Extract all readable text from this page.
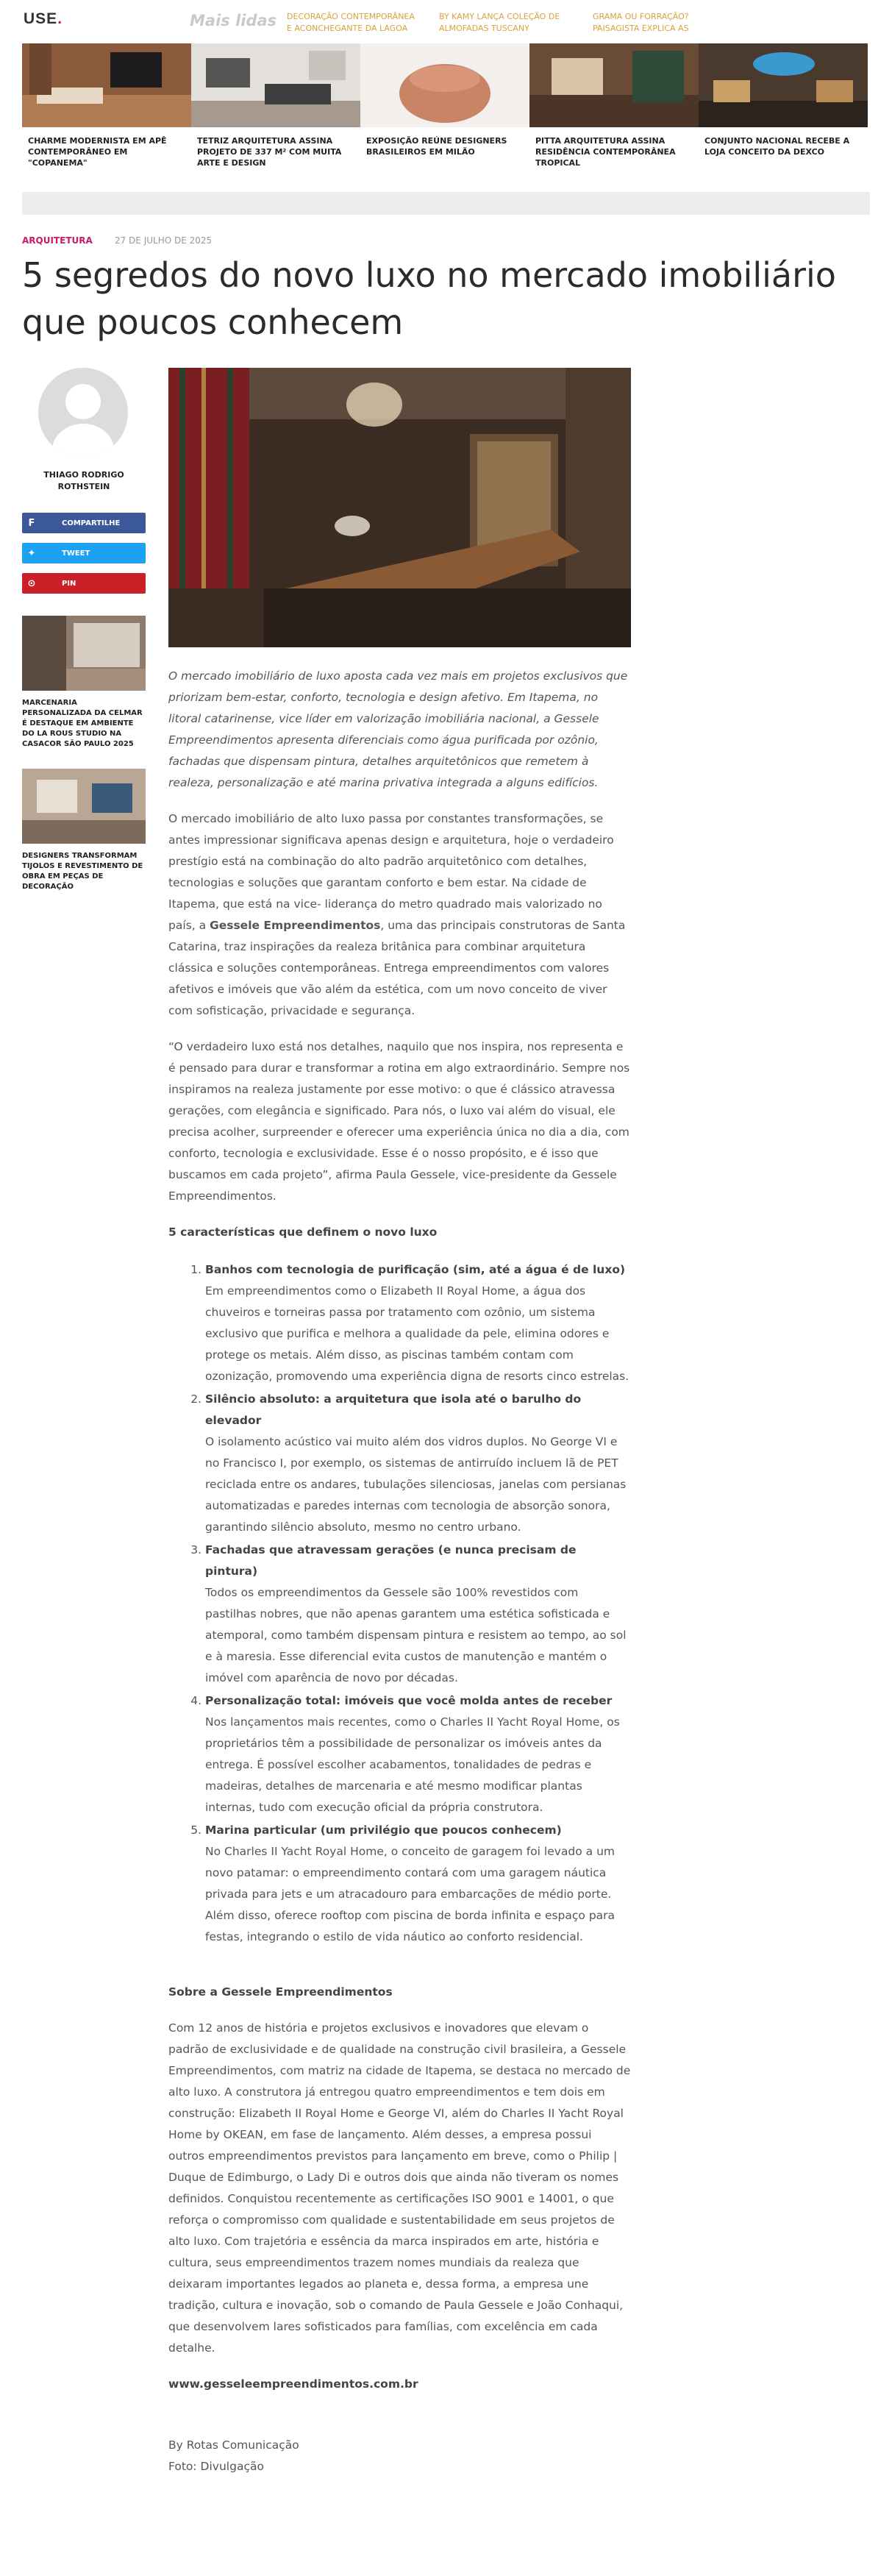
USE.	Mais lidas DECORAÇÃO CONTEMPORÂNEA
E ACONCHEGANTE DA LAGOA
BY KAMY LANÇA COLEÇÃO DE
ALMOFADAS TUSCANY
GRAMA OU FORRAÇÃO?
PAISAGISTA EXPLICA AS

CHARME MODERNISTA EM APÊ CONTEMPORÂNEO EM "COPANEMA"

TETRIZ ARQUITETURA ASSINA PROJETO DE 337 M² COM MUITA ARTE E DESIGN

EXPOSIÇÃO REÚNE DESIGNERS BRASILEIROS EM MILÃO

PITTA ARQUITETURA ASSINA RESIDÊNCIA CONTEMPORÂNEA TROPICAL

CONJUNTO NACIONAL RECEBE A LOJA CONCEITO DA DEXCO

ARQUITETURA	27 DE JULHO DE 2025
5 segredos do novo luxo no mercado imobiliário que poucos conhecem
THIAGO RODRIGO ROTHSTEIN
F	COMPARTILHE
✦	TWEET
⊙	PIN

MARCENARIA PERSONALIZADA DA CELMAR É DESTAQUE EM AMBIENTE DO LA ROUS STUDIO NA CASACOR SÃO PAULO 2025

DESIGNERS TRANSFORMAM TIJOLOS E REVESTIMENTO DE OBRA EM PEÇAS DE DECORAÇÃO

O mercado imobiliário de luxo aposta cada vez mais em projetos exclusivos que priorizam bem-estar, conforto, tecnologia e design afetivo. Em Itapema, no litoral catarinense, vice líder em valorização imobiliária nacional, a Gessele Empreendimentos apresenta diferenciais como água purificada por ozônio, fachadas que dispensam pintura, detalhes arquitetônicos que remetem à realeza, personalização e até marina privativa integrada a alguns edifícios.

O mercado imobiliário de alto luxo passa por constantes transformações, se antes impressionar significava apenas design e arquitetura, hoje o verdadeiro prestígio está na combinação do alto padrão arquitetônico com detalhes, tecnologias e soluções que garantam conforto e bem estar. Na cidade de Itapema, que está na vice- liderança do metro quadrado mais valorizado no país, a Gessele Empreendimentos, uma das principais construtoras de Santa Catarina, traz inspirações da realeza britânica para combinar arquitetura clássica e soluções contemporâneas. Entrega empreendimentos com valores afetivos e imóveis que vão além da estética, com um novo conceito de viver com sofisticação, privacidade e segurança.

“O verdadeiro luxo está nos detalhes, naquilo que nos inspira, nos representa e é pensado para durar e transformar a rotina em algo extraordinário. Sempre nos inspiramos na realeza justamente por esse motivo: o que é clássico atravessa gerações, com elegância e significado. Para nós, o luxo vai além do visual, ele precisa acolher, surpreender e oferecer uma experiência única no dia a dia, com conforto, tecnologia e exclusividade. Esse é o nosso propósito, e é isso que buscamos em cada projeto”, afirma Paula Gessele, vice-presidente da Gessele Empreendimentos.

5 características que definem o novo luxo
1. Banhos com tecnologia de purificação (sim, até a água é de luxo)
Em empreendimentos como o Elizabeth II Royal Home, a água dos chuveiros e torneiras passa por tratamento com ozônio, um sistema exclusivo que purifica e melhora a qualidade da pele, elimina odores e protege os metais. Além disso, as piscinas também contam com ozonização, promovendo uma experiência digna de resorts cinco estrelas.
2. Silêncio absoluto: a arquitetura que isola até o barulho do elevador
O isolamento acústico vai muito além dos vidros duplos. No George VI e no Francisco I, por exemplo, os sistemas de antirruído incluem lã de PET reciclada entre os andares, tubulações silenciosas, janelas com persianas automatizadas e paredes internas com tecnologia de absorção sonora, garantindo silêncio absoluto, mesmo no centro urbano.
3. Fachadas que atravessam gerações (e nunca precisam de pintura)
Todos os empreendimentos da Gessele são 100% revestidos com pastilhas nobres, que não apenas garantem uma estética sofisticada e atemporal, como também dispensam pintura e resistem ao tempo, ao sol e à maresia. Esse diferencial evita custos de manutenção e mantém o imóvel com aparência de novo por décadas.
4. Personalização total: imóveis que você molda antes de receber
Nos lançamentos mais recentes, como o Charles II Yacht Royal Home, os proprietários têm a possibilidade de personalizar os imóveis antes da entrega. É possível escolher acabamentos, tonalidades de pedras e madeiras, detalhes de marcenaria e até mesmo modificar plantas internas, tudo com execução oficial da própria construtora.
5. Marina particular (um privilégio que poucos conhecem)
No Charles II Yacht Royal Home, o conceito de garagem foi levado a um novo patamar: o empreendimento contará com uma garagem náutica privada para jets e um atracadouro para embarcações de médio porte. Além disso, oferece rooftop com piscina de borda infinita e espaço para festas, integrando o estilo de vida náutico ao conforto residencial.

Sobre a Gessele Empreendimentos

Com 12 anos de história e projetos exclusivos e inovadores que elevam o padrão de exclusividade e de qualidade na construção civil brasileira, a Gessele Empreendimentos, com matriz na cidade de Itapema, se destaca no mercado de alto luxo. A construtora já entregou quatro empreendimentos e tem dois em construção: Elizabeth II Royal Home e George VI, além do Charles II Yacht Royal Home by OKEAN, em fase de lançamento. Além desses, a empresa possui outros empreendimentos previstos para lançamento em breve, como o Philip | Duque de Edimburgo, o Lady Di e outros dois que ainda não tiveram os nomes definidos. Conquistou recentemente as certificações ISO 9001 e 14001, o que reforça o compromisso com qualidade e sustentabilidade em seus projetos de alto luxo. Com trajetória e essência da marca inspirados em arte, história e cultura, seus empreendimentos trazem nomes mundiais da realeza que deixaram importantes legados ao planeta e, dessa forma, a empresa une tradição, cultura e inovação, sob o comando de Paula Gessele e João Conhaqui, que desenvolvem lares sofisticados para famílias, com excelência em cada detalhe.

www.gesseleempreendimentos.com.br

By Rotas Comunicação

Foto: Divulgação
